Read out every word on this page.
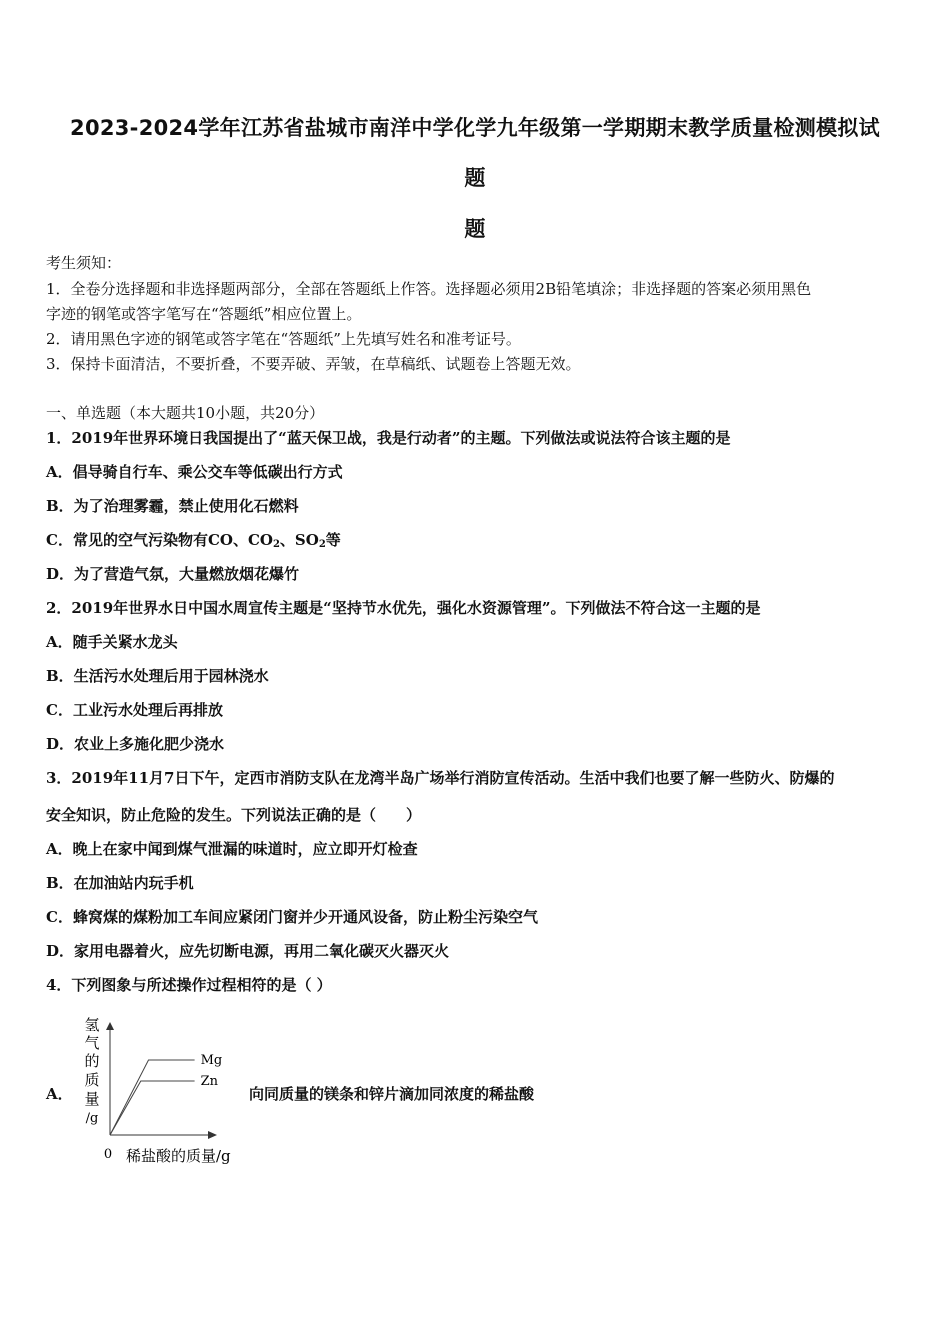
2023-2024学年江苏省盐城市南洋中学化学九年级第一学期期末教学质量检测模拟试
题
题
考生须知：
1．全卷分选择题和非选择题两部分，全部在答题纸上作答。选择题必须用2B铅笔填涂；非选择题的答案必须用黑色
字迹的钢笔或答字笔写在“答题纸”相应位置上。
2．请用黑色字迹的钢笔或答字笔在“答题纸”上先填写姓名和准考证号。
3．保持卡面清洁，不要折叠，不要弄破、弄皱，在草稿纸、试题卷上答题无效。
一、单选题（本大题共10小题，共20分）
1．2019年世界环境日我国提出了“蓝天保卫战，我是行动者”的主题。下列做法或说法符合该主题的是
A．倡导骑自行车、乘公交车等低碳出行方式
B．为了治理雾霾，禁止使用化石燃料
C．常见的空气污染物有CO、$CO_2$、$SO_2$等
D．为了营造气氛，大量燃放烟花爆竹
2．2019年世界水日中国水周宣传主题是“坚持节水优先，强化水资源管理”。下列做法不符合这一主题的是
A．随手关紧水龙头
B．生活污水处理后用于园林浇水
C．工业污水处理后再排放
D．农业上多施化肥少浇水
3．2019年11月7日下午，定西市消防支队在龙湾半岛广场举行消防宣传活动。生活中我们也要了解一些防火、防爆的
安全知识，防止危险的发生。下列说法正确的是（　　）
A．晚上在家中闻到煤气泄漏的味道时，应立即开灯检查
B．在加油站内玩手机
C．蜂窝煤的煤粉加工车间应紧闭门窗并少开通风设备，防止粉尘污染空气
D．家用电器着火，应先切断电源，再用二氧化碳灭火器灭火
4．下列图象与所述操作过程相符的是（ ）
A．
氢
气
的
质
量
/g
0 稀盐酸的质量/g
Mg
Zn
向同质量的镁条和锌片滴加同浓度的稀盐酸
